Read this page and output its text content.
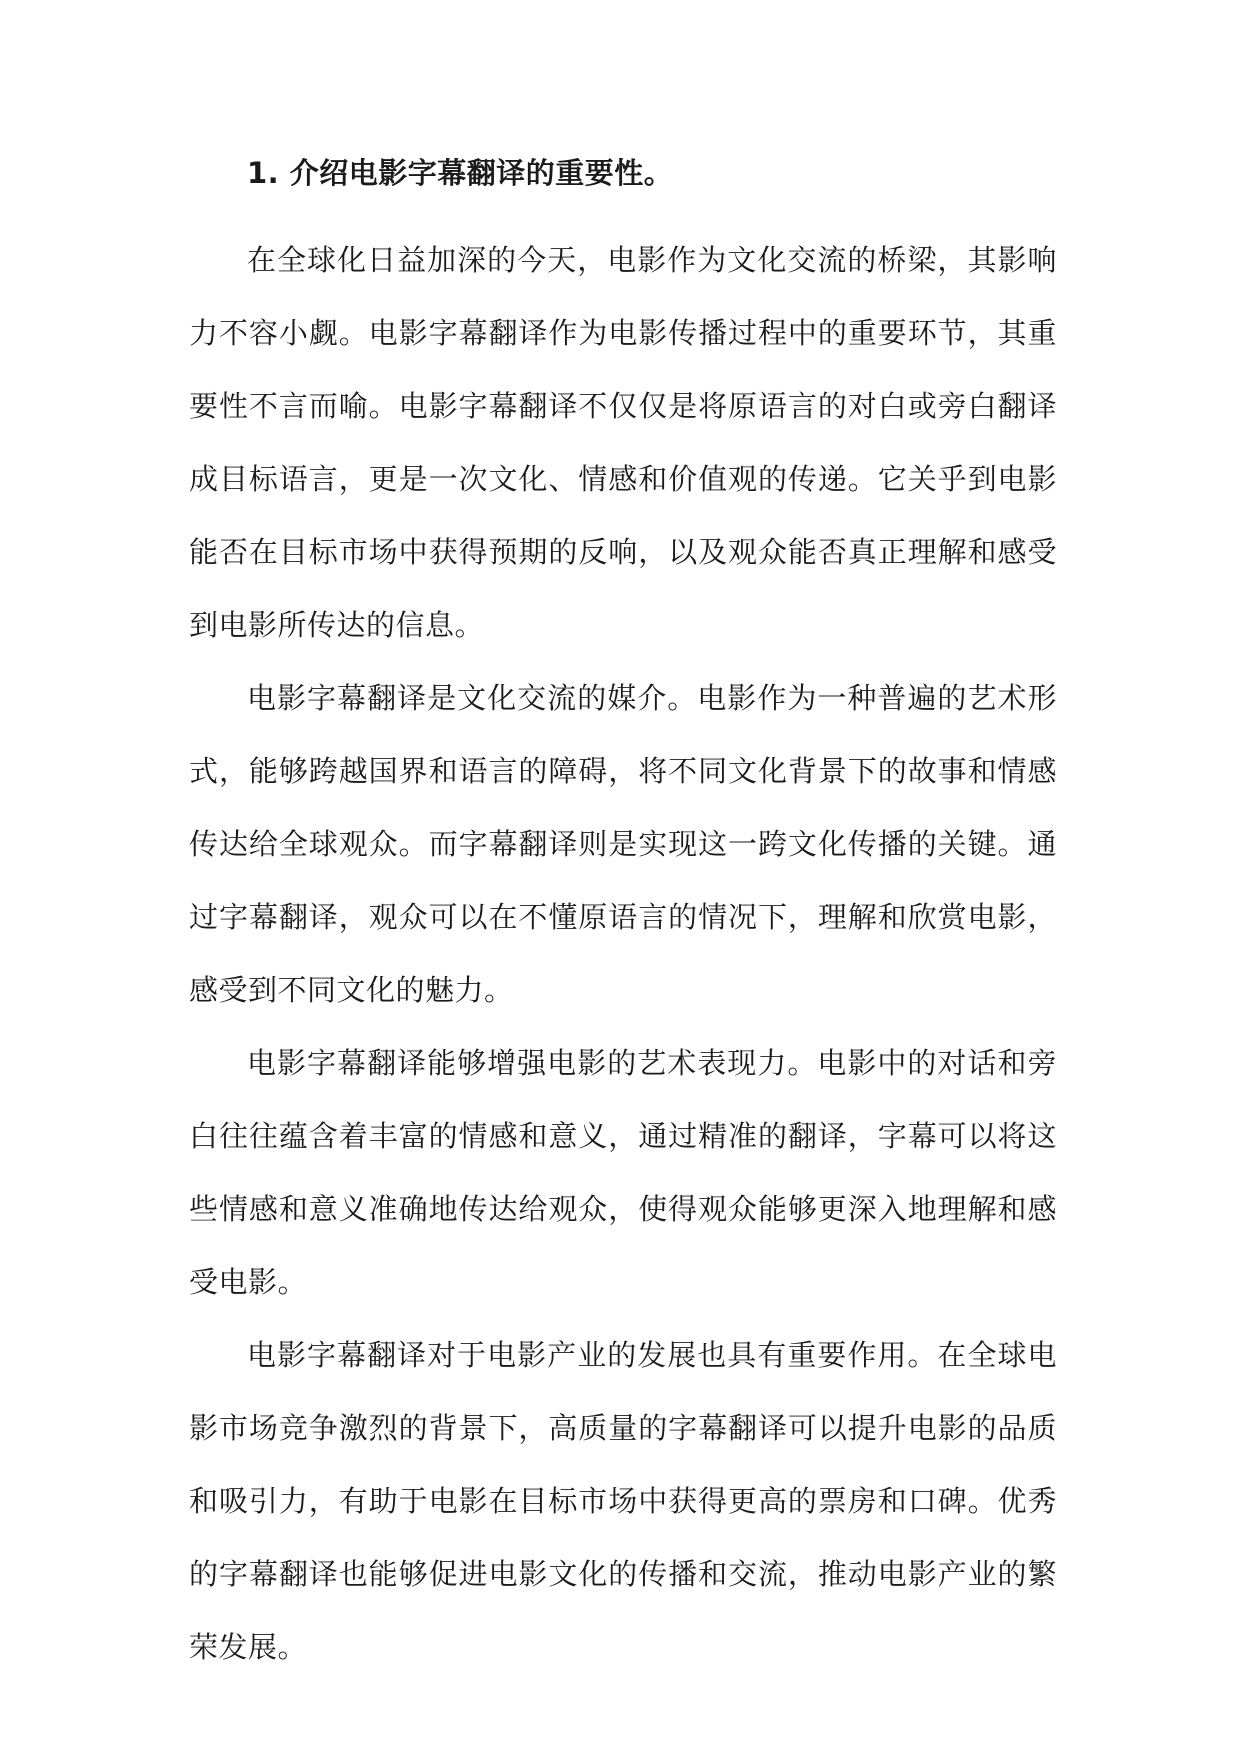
1. 介绍电影字幕翻译的重要性。

在全球化日益加深的今天，电影作为文化交流的桥梁，其影响力不容小觑。电影字幕翻译作为电影传播过程中的重要环节，其重要性不言而喻。电影字幕翻译不仅仅是将原语言的对白或旁白翻译成目标语言，更是一次文化、情感和价值观的传递。它关乎到电影能否在目标市场中获得预期的反响，以及观众能否真正理解和感受到电影所传达的信息。

电影字幕翻译是文化交流的媒介。电影作为一种普遍的艺术形式，能够跨越国界和语言的障碍，将不同文化背景下的故事和情感传达给全球观众。而字幕翻译则是实现这一跨文化传播的关键。通过字幕翻译，观众可以在不懂原语言的情况下，理解和欣赏电影，感受到不同文化的魅力。

电影字幕翻译能够增强电影的艺术表现力。电影中的对话和旁白往往蕴含着丰富的情感和意义，通过精准的翻译，字幕可以将这些情感和意义准确地传达给观众，使得观众能够更深入地理解和感受电影。

电影字幕翻译对于电影产业的发展也具有重要作用。在全球电影市场竞争激烈的背景下，高质量的字幕翻译可以提升电影的品质和吸引力，有助于电影在目标市场中获得更高的票房和口碑。优秀的字幕翻译也能够促进电影文化的传播和交流，推动电影产业的繁荣发展。
